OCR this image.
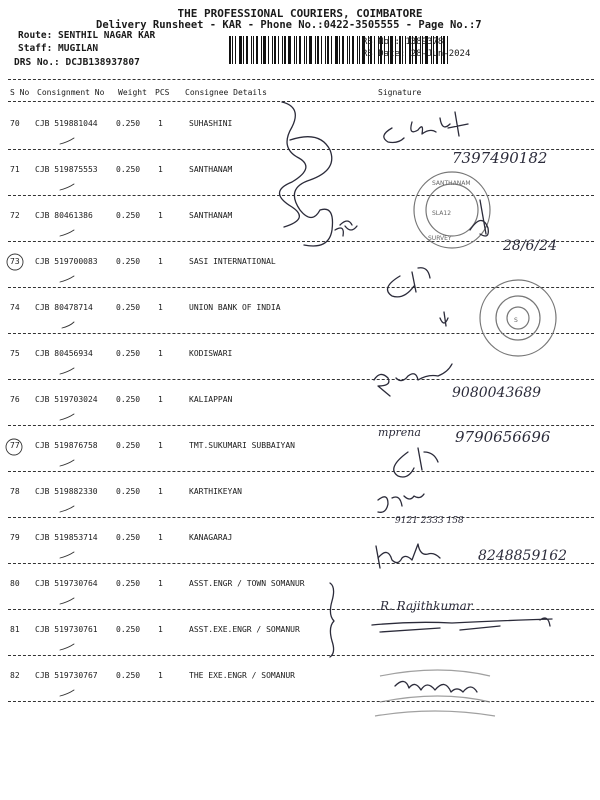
THE PROFESSIONAL COURIERS, COIMBATORE
Delivery Runsheet - KAR - Phone No.:0422-3505555 - Page No.:7
Route: SENTHIL NAGAR KAR
Staff: MUGILAN
DRS No.: DCJB138937807
RS No.: 1389378
RS Date: 28-Jun-2024
S No Consignment No Weight PCS Consignee Details	Signature
70 CJB 519881044 0.250 1	SUHASHINI
71 CJB 519875553 0.250 1	SANTHANAM
72 CJB 80461386	0.250 1	SANTHANAM
73 CJB 519700083 0.250 1	SASI INTERNATIONAL
74 CJB 80478714	0.250 1	UNION BANK OF INDIA
75 CJB 80456934	0.250 1	KODISWARI
76 CJB 519703024 0.250 1	KALIAPPAN
77 CJB 519876758 0.250 1	TMT.SUKUMARI SUBBAIYAN
78 CJB 519882330 0.250 1	KARTHIKEYAN
79 CJB 519853714 0.250 1	KANAGARAJ
80 CJB 519730764 0.250 1	ASST.ENGR / TOWN SOMANUR
81 CJB 519730761 0.250 1	ASST.EXE.ENGR / SOMANUR
82 CJB 519730767 0.250 1	THE EXE.ENGR / SOMANUR
7397490182
SANTHANAM
SLA12
SURVEY	28/6/24
S
9080043689
mprena 9790656696
9121 2333 158
8248859162
R. Rajithkumar
